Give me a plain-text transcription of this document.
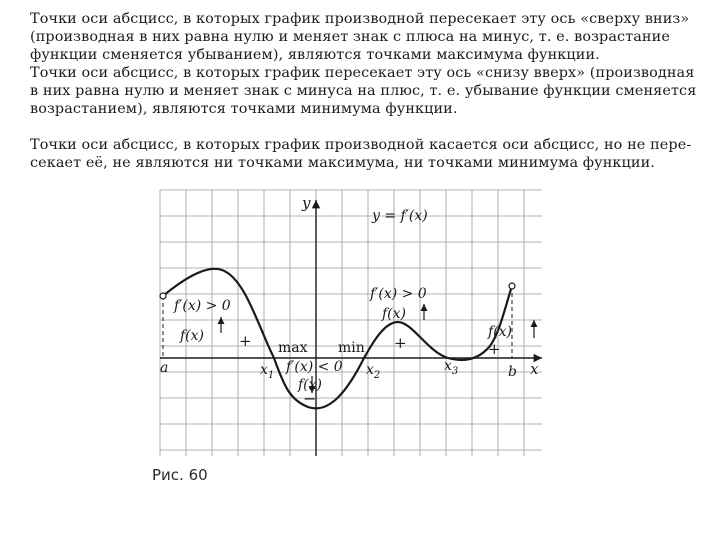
Точки оси абсцисс, в которых график производной пересекает эту ось «сверху вниз»
(производная в них равна нулю и меняет знак с плюса на минус, т. е. возрастание
функции сменяется убыванием), являются точками максимума функции.
Точки оси абсцисс, в которых график пересекает эту ось «снизу вверх» (производная
в них равна нулю и меняет знак с минуса на плюс, т. е. убывание функции сменяется
возрастанием), являются точками минимума функции.
Точки оси абсцисс, в которых график производной касается оси абсцисс, но не пере-
секает её, не являются ни точками максимума, ни точками минимума функции.
y
x
y = f′(x)
a	b
$x_1$	$x_2$
$x_3$
f′(x) > 0
f(x) + max min
f′(x) < 0
f(x)
−
+
f′(x) > 0
f(x)
+
f(x)
Рис. 60
